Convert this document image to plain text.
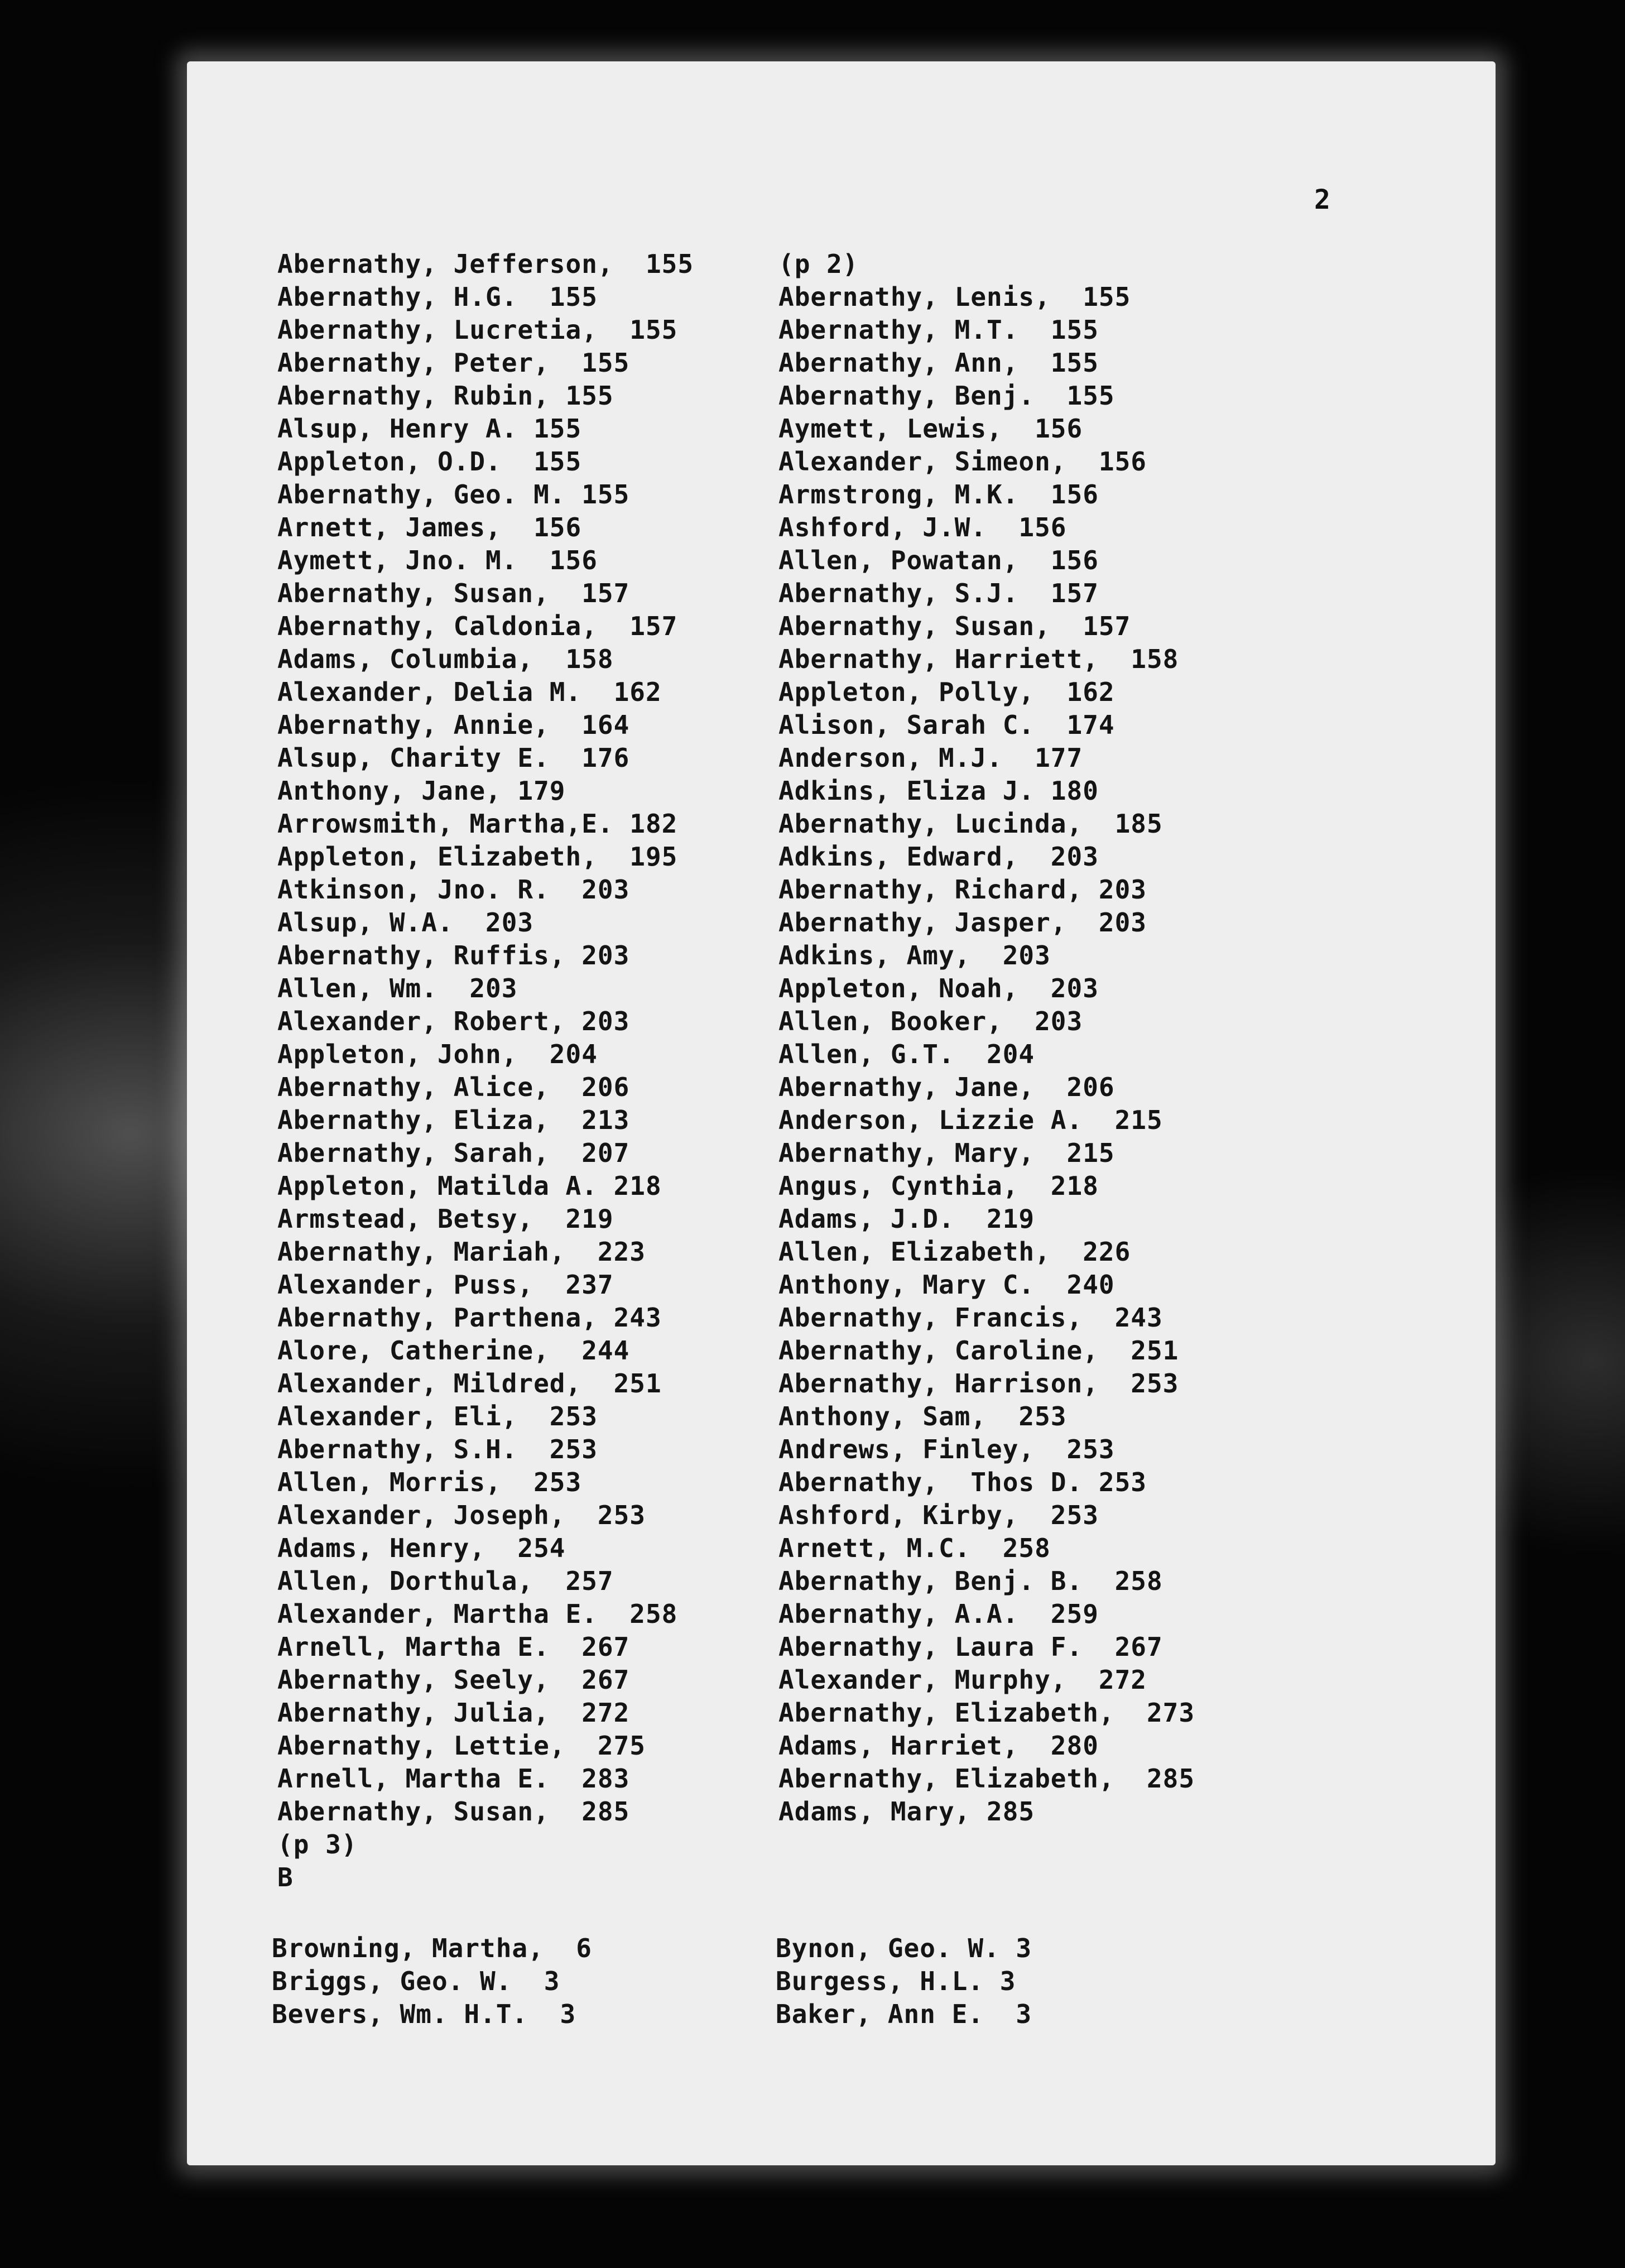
2
Abernathy, Jefferson,  155
Abernathy, H.G.  155
Abernathy, Lucretia,  155
Abernathy, Peter,  155
Abernathy, Rubin, 155
Alsup, Henry A. 155
Appleton, O.D.  155
Abernathy, Geo. M. 155
Arnett, James,  156
Aymett, Jno. M.  156
Abernathy, Susan,  157
Abernathy, Caldonia,  157
Adams, Columbia,  158
Alexander, Delia M.  162
Abernathy, Annie,  164
Alsup, Charity E.  176
Anthony, Jane, 179
Arrowsmith, Martha,E. 182
Appleton, Elizabeth,  195
Atkinson, Jno. R.  203
Alsup, W.A.  203
Abernathy, Ruffis, 203
Allen, Wm.  203
Alexander, Robert, 203
Appleton, John,  204
Abernathy, Alice,  206
Abernathy, Eliza,  213
Abernathy, Sarah,  207
Appleton, Matilda A. 218
Armstead, Betsy,  219
Abernathy, Mariah,  223
Alexander, Puss,  237
Abernathy, Parthena, 243
Alore, Catherine,  244
Alexander, Mildred,  251
Alexander, Eli,  253
Abernathy, S.H.  253
Allen, Morris,  253
Alexander, Joseph,  253
Adams, Henry,  254
Allen, Dorthula,  257
Alexander, Martha E.  258
Arnell, Martha E.  267
Abernathy, Seely,  267
Abernathy, Julia,  272
Abernathy, Lettie,  275
Arnell, Martha E.  283
Abernathy, Susan,  285
(p 3)
B
(p 2)
Abernathy, Lenis,  155
Abernathy, M.T.  155
Abernathy, Ann,  155
Abernathy, Benj.  155
Aymett, Lewis,  156
Alexander, Simeon,  156
Armstrong, M.K.  156
Ashford, J.W.  156
Allen, Powatan,  156
Abernathy, S.J.  157
Abernathy, Susan,  157
Abernathy, Harriett,  158
Appleton, Polly,  162
Alison, Sarah C.  174
Anderson, M.J.  177
Adkins, Eliza J. 180
Abernathy, Lucinda,  185
Adkins, Edward,  203
Abernathy, Richard, 203
Abernathy, Jasper,  203
Adkins, Amy,  203
Appleton, Noah,  203
Allen, Booker,  203
Allen, G.T.  204
Abernathy, Jane,  206
Anderson, Lizzie A.  215
Abernathy, Mary,  215
Angus, Cynthia,  218
Adams, J.D.  219
Allen, Elizabeth,  226
Anthony, Mary C.  240
Abernathy, Francis,  243
Abernathy, Caroline,  251
Abernathy, Harrison,  253
Anthony, Sam,  253
Andrews, Finley,  253
Abernathy,  Thos D. 253
Ashford, Kirby,  253
Arnett, M.C.  258
Abernathy, Benj. B.  258
Abernathy, A.A.  259
Abernathy, Laura F.  267
Alexander, Murphy,  272
Abernathy, Elizabeth,  273
Adams, Harriet,  280
Abernathy, Elizabeth,  285
Adams, Mary, 285
Browning, Martha,  6
Briggs, Geo. W.  3
Bevers, Wm. H.T.  3
Bynon, Geo. W. 3
Burgess, H.L. 3
Baker, Ann E.  3
